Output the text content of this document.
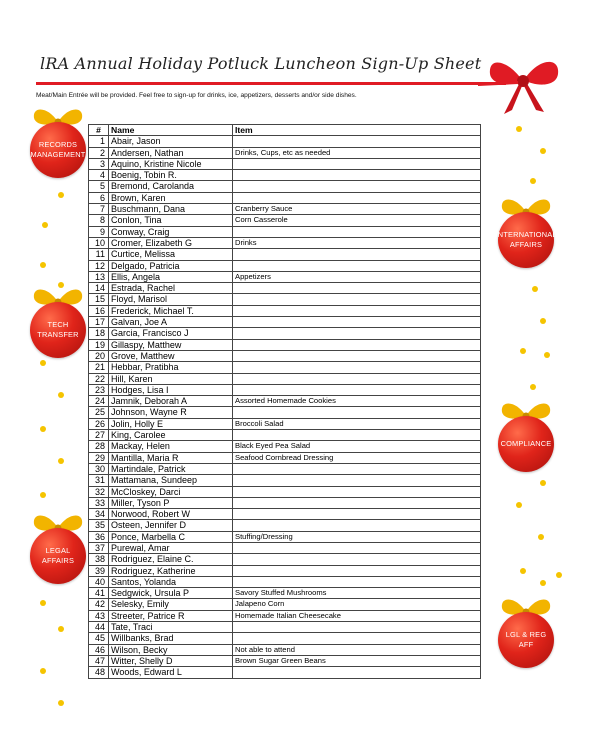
lRA Annual Holiday Potluck Luncheon Sign-Up Sheet
Meat/Main Entrée will be provided. Feel free to sign-up for drinks, ice, appetizers, desserts and/or side dishes.
#	Name	Item
1	Abair, Jason	
2	Andersen, Nathan	Drinks, Cups, etc as needed
3	Aquino, Kristine Nicole	
4	Boenig, Tobin R.	
5	Bremond, Carolanda	
6	Brown, Karen	
7	Buschmann, Dana	Cranberry Sauce
8	Conlon, Tina	Corn Casserole
9	Conway, Craig	
10	Cromer, Elizabeth G	Drinks
11	Curtice, Melissa	
12	Delgado, Patricia	
13	Ellis, Angela	Appetizers
14	Estrada, Rachel	
15	Floyd, Marisol	
16	Frederick, Michael T.	
17	Galvan, Joe A	
18	Garcia, Francisco J	
19	Gillaspy, Matthew	
20	Grove, Matthew	
21	Hebbar, Pratibha	
22	Hill, Karen	
23	Hodges, Lisa I	
24	Jamnik, Deborah A	Assorted Homemade Cookies
25	Johnson, Wayne R	
26	Jolin, Holly E	Broccoli Salad
27	King, Carolee	
28	Mackay, Helen	Black Eyed Pea Salad
29	Mantilla, Maria R	Seafood Cornbread Dressing
30	Martindale, Patrick	
31	Mattamana, Sundeep	
32	McCloskey, Darci	
33	Miller, Tyson P	
34	Norwood, Robert W	
35	Osteen, Jennifer D	
36	Ponce, Marbella C	Stuffing/Dressing
37	Purewal, Amar	
38	Rodriguez, Elaine C.	
39	Rodriguez, Katherine	
40	Santos, Yolanda	
41	Sedgwick, Ursula P	Savory Stuffed Mushrooms
42	Selesky, Emily	Jalapeno Corn
43	Streeter, Patrice R	Homemade Italian Cheesecake
44	Tate, Traci	
45	Willbanks, Brad	
46	Wilson, Becky	Not able to attend
47	Witter, Shelly D	Brown Sugar Green Beans
48	Woods, Edward L	
RECORDS MANAGEMENT
TECH TRANSFER
LEGAL AFFAIRS
INTERNATIONAL AFFAIRS
COMPLIANCE
LGL & REG AFF
